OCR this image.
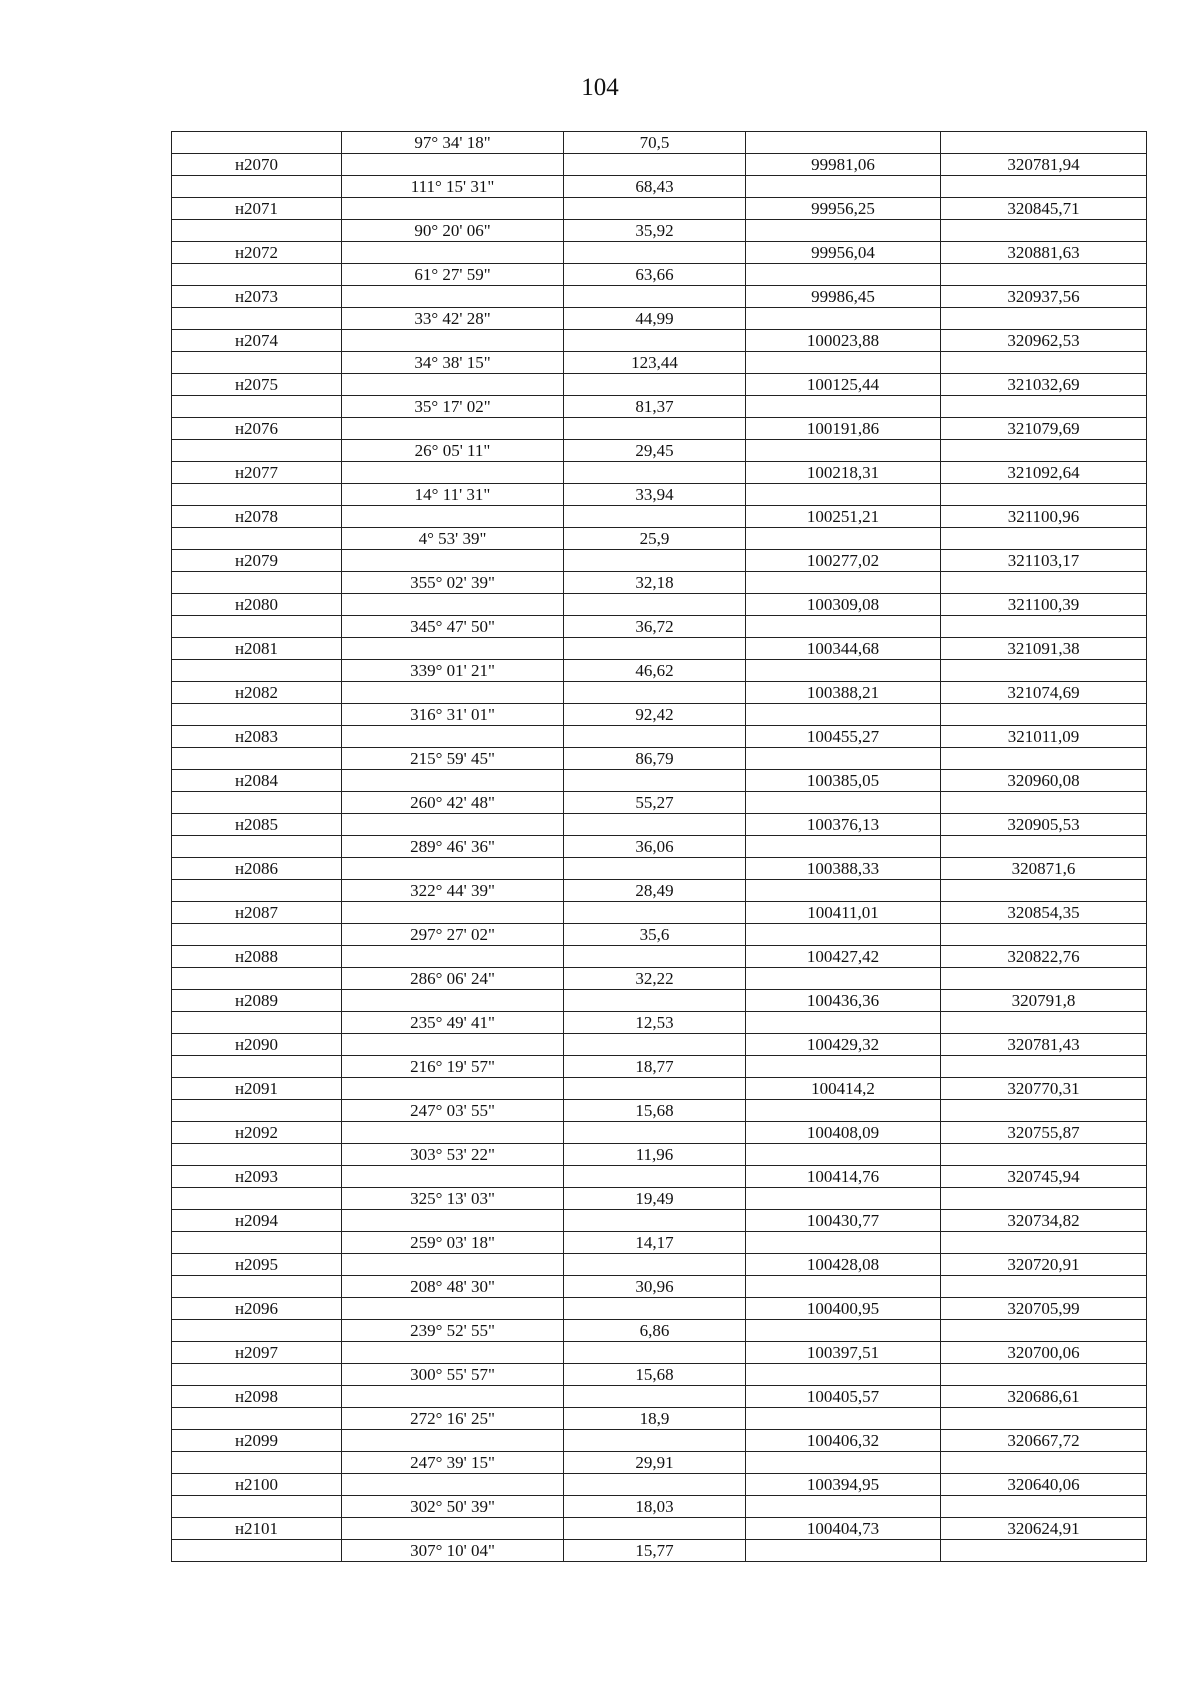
104
	97° 34' 18"	70,5		
н2070			99981,06	320781,94
	111° 15' 31"	68,43		
н2071			99956,25	320845,71
	90° 20' 06"	35,92		
н2072			99956,04	320881,63
	61° 27' 59"	63,66		
н2073			99986,45	320937,56
	33° 42' 28"	44,99		
н2074			100023,88	320962,53
	34° 38' 15"	123,44		
н2075			100125,44	321032,69
	35° 17' 02"	81,37		
н2076			100191,86	321079,69
	26° 05' 11"	29,45		
н2077			100218,31	321092,64
	14° 11' 31"	33,94		
н2078			100251,21	321100,96
	4° 53' 39"	25,9		
н2079			100277,02	321103,17
	355° 02' 39"	32,18		
н2080			100309,08	321100,39
	345° 47' 50"	36,72		
н2081			100344,68	321091,38
	339° 01' 21"	46,62		
н2082			100388,21	321074,69
	316° 31' 01"	92,42		
н2083			100455,27	321011,09
	215° 59' 45"	86,79		
н2084			100385,05	320960,08
	260° 42' 48"	55,27		
н2085			100376,13	320905,53
	289° 46' 36"	36,06		
н2086			100388,33	320871,6
	322° 44' 39"	28,49		
н2087			100411,01	320854,35
	297° 27' 02"	35,6		
н2088			100427,42	320822,76
	286° 06' 24"	32,22		
н2089			100436,36	320791,8
	235° 49' 41"	12,53		
н2090			100429,32	320781,43
	216° 19' 57"	18,77		
н2091			100414,2	320770,31
	247° 03' 55"	15,68		
н2092			100408,09	320755,87
	303° 53' 22"	11,96		
н2093			100414,76	320745,94
	325° 13' 03"	19,49		
н2094			100430,77	320734,82
	259° 03' 18"	14,17		
н2095			100428,08	320720,91
	208° 48' 30"	30,96		
н2096			100400,95	320705,99
	239° 52' 55"	6,86		
н2097			100397,51	320700,06
	300° 55' 57"	15,68		
н2098			100405,57	320686,61
	272° 16' 25"	18,9		
н2099			100406,32	320667,72
	247° 39' 15"	29,91		
н2100			100394,95	320640,06
	302° 50' 39"	18,03		
н2101			100404,73	320624,91
	307° 10' 04"	15,77		
